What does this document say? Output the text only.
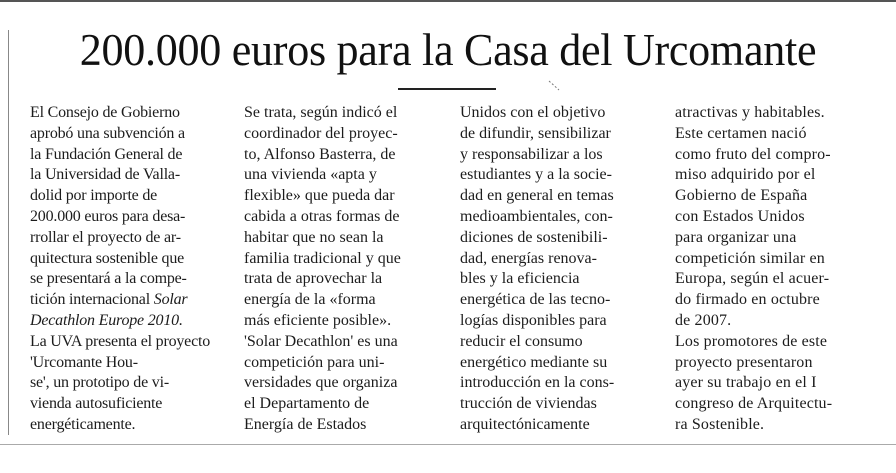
200.000 euros para la Casa del Urcomante
El Consejo de Gobierno
aprobó una subvención a
la Fundación General de
la Universidad de Valla-
dolid por importe de
200.000 euros para desa-
rrollar el proyecto de ar-
quitectura sostenible que
se presentará a la compe-
tición internacional Solar
Decathlon Europe 2010.
La UVA presenta el proyecto
'Urcomante Hou-
se', un prototipo de vi-
vienda autosuficiente
energéticamente.
Se trata, según indicó el
coordinador del proyec-
to, Alfonso Basterra, de
una vivienda «apta y
flexible» que pueda dar
cabida a otras formas de
habitar que no sean la
familia tradicional y que
trata de aprovechar la
energía de la «forma
más eficiente posible».
'Solar Decathlon' es una
competición para uni-
versidades que organiza
el Departamento de
Energía de Estados
Unidos con el objetivo
de difundir, sensibilizar
y responsabilizar a los
estudiantes y a la socie-
dad en general en temas
medioambientales, con-
diciones de sostenibili-
dad, energías renova-
bles y la eficiencia
energética de las tecno-
logías disponibles para
reducir el consumo
energético mediante su
introducción en la cons-
trucción de viviendas
arquitectónicamente
atractivas y habitables.
Este certamen nació
como fruto del compro-
miso adquirido por el
Gobierno de España
con Estados Unidos
para organizar una
competición similar en
Europa, según el acuer-
do firmado en octubre
de 2007.
Los promotores de este
proyecto presentaron
ayer su trabajo en el I
congreso de Arquitectu-
ra Sostenible.
